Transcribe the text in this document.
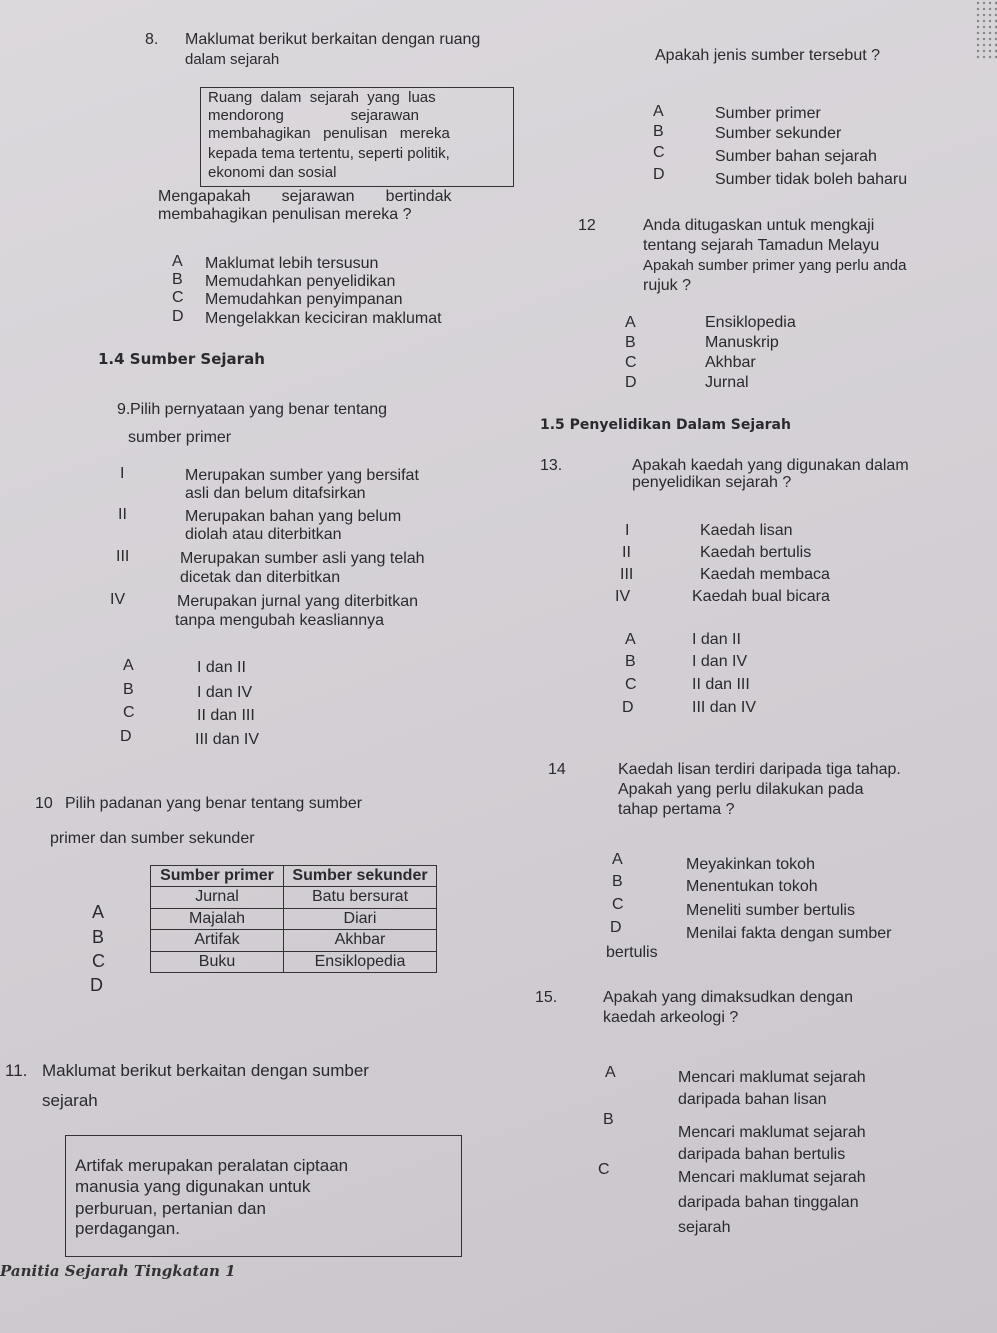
8. Maklumat berikut berkaitan dengan ruang
dalam sejarah
Ruang  dalam  sejarah  yang  luas
mendorong                sejarawan
membahagikan   penulisan   mereka
kepada tema tertentu, seperti politik,
ekonomi dan sosial
Mengapakah       sejarawan       bertindak
membahagikan penulisan mereka ?
A Maklumat lebih tersusun
B Memudahkan penyelidikan
C Memudahkan penyimpanan
D Mengelakkan keciciran maklumat
Apakah jenis sumber tersebut ?
A	Sumber primer
B	Sumber sekunder
C	Sumber bahan sejarah
D	Sumber tidak boleh baharu
1.4 Sumber Sejarah
9. Pilih pernyataan yang benar tentang
sumber primer
I	Merupakan sumber yang bersifat
asli dan belum ditafsirkan
II	Merupakan bahan yang belum
diolah atau diterbitkan
III	Merupakan sumber asli yang telah
dicetak dan diterbitkan
IV	Merupakan jurnal yang diterbitkan
tanpa mengubah keasliannya
A	I dan II
B	I dan IV
C	II dan III
D	III dan IV
10 Pilih padanan yang benar tentang sumber
primer dan sumber sekunder
A
B
C
D
Sumber primer	Sumber sekunder
Jurnal	Batu bersurat
Majalah	Diari
Artifak	Akhbar
Buku	Ensiklopedia
11. Maklumat berikut berkaitan dengan sumber
sejarah
Artifak merupakan peralatan ciptaan
manusia yang digunakan untuk
perburuan, pertanian dan
perdagangan.
Panitia Sejarah Tingkatan 1
12	Anda ditugaskan untuk mengkaji
tentang sejarah Tamadun Melayu
Apakah sumber primer yang perlu anda
rujuk ?
A	Ensiklopedia
B	Manuskrip
C	Akhbar
D	Jurnal
1.5 Penyelidikan Dalam Sejarah
13.	Apakah kaedah yang digunakan dalam
penyelidikan sejarah ?
I	Kaedah lisan
II	Kaedah bertulis
III	Kaedah membaca
IV	Kaedah bual bicara
A	I dan II
B	I dan IV
C	II dan III
D	III dan IV
14	Kaedah lisan terdiri daripada tiga tahap.
Apakah yang perlu dilakukan pada
tahap pertama ?
A	Meyakinkan tokoh
B	Menentukan tokoh
C	Meneliti sumber bertulis
D	Menilai fakta dengan sumber
bertulis
15.	Apakah yang dimaksudkan dengan
kaedah arkeologi ?
A	Mencari maklumat sejarah
daripada bahan lisan
B
Mencari maklumat sejarah
daripada bahan bertulis
C	Mencari maklumat sejarah
daripada bahan tinggalan
sejarah
